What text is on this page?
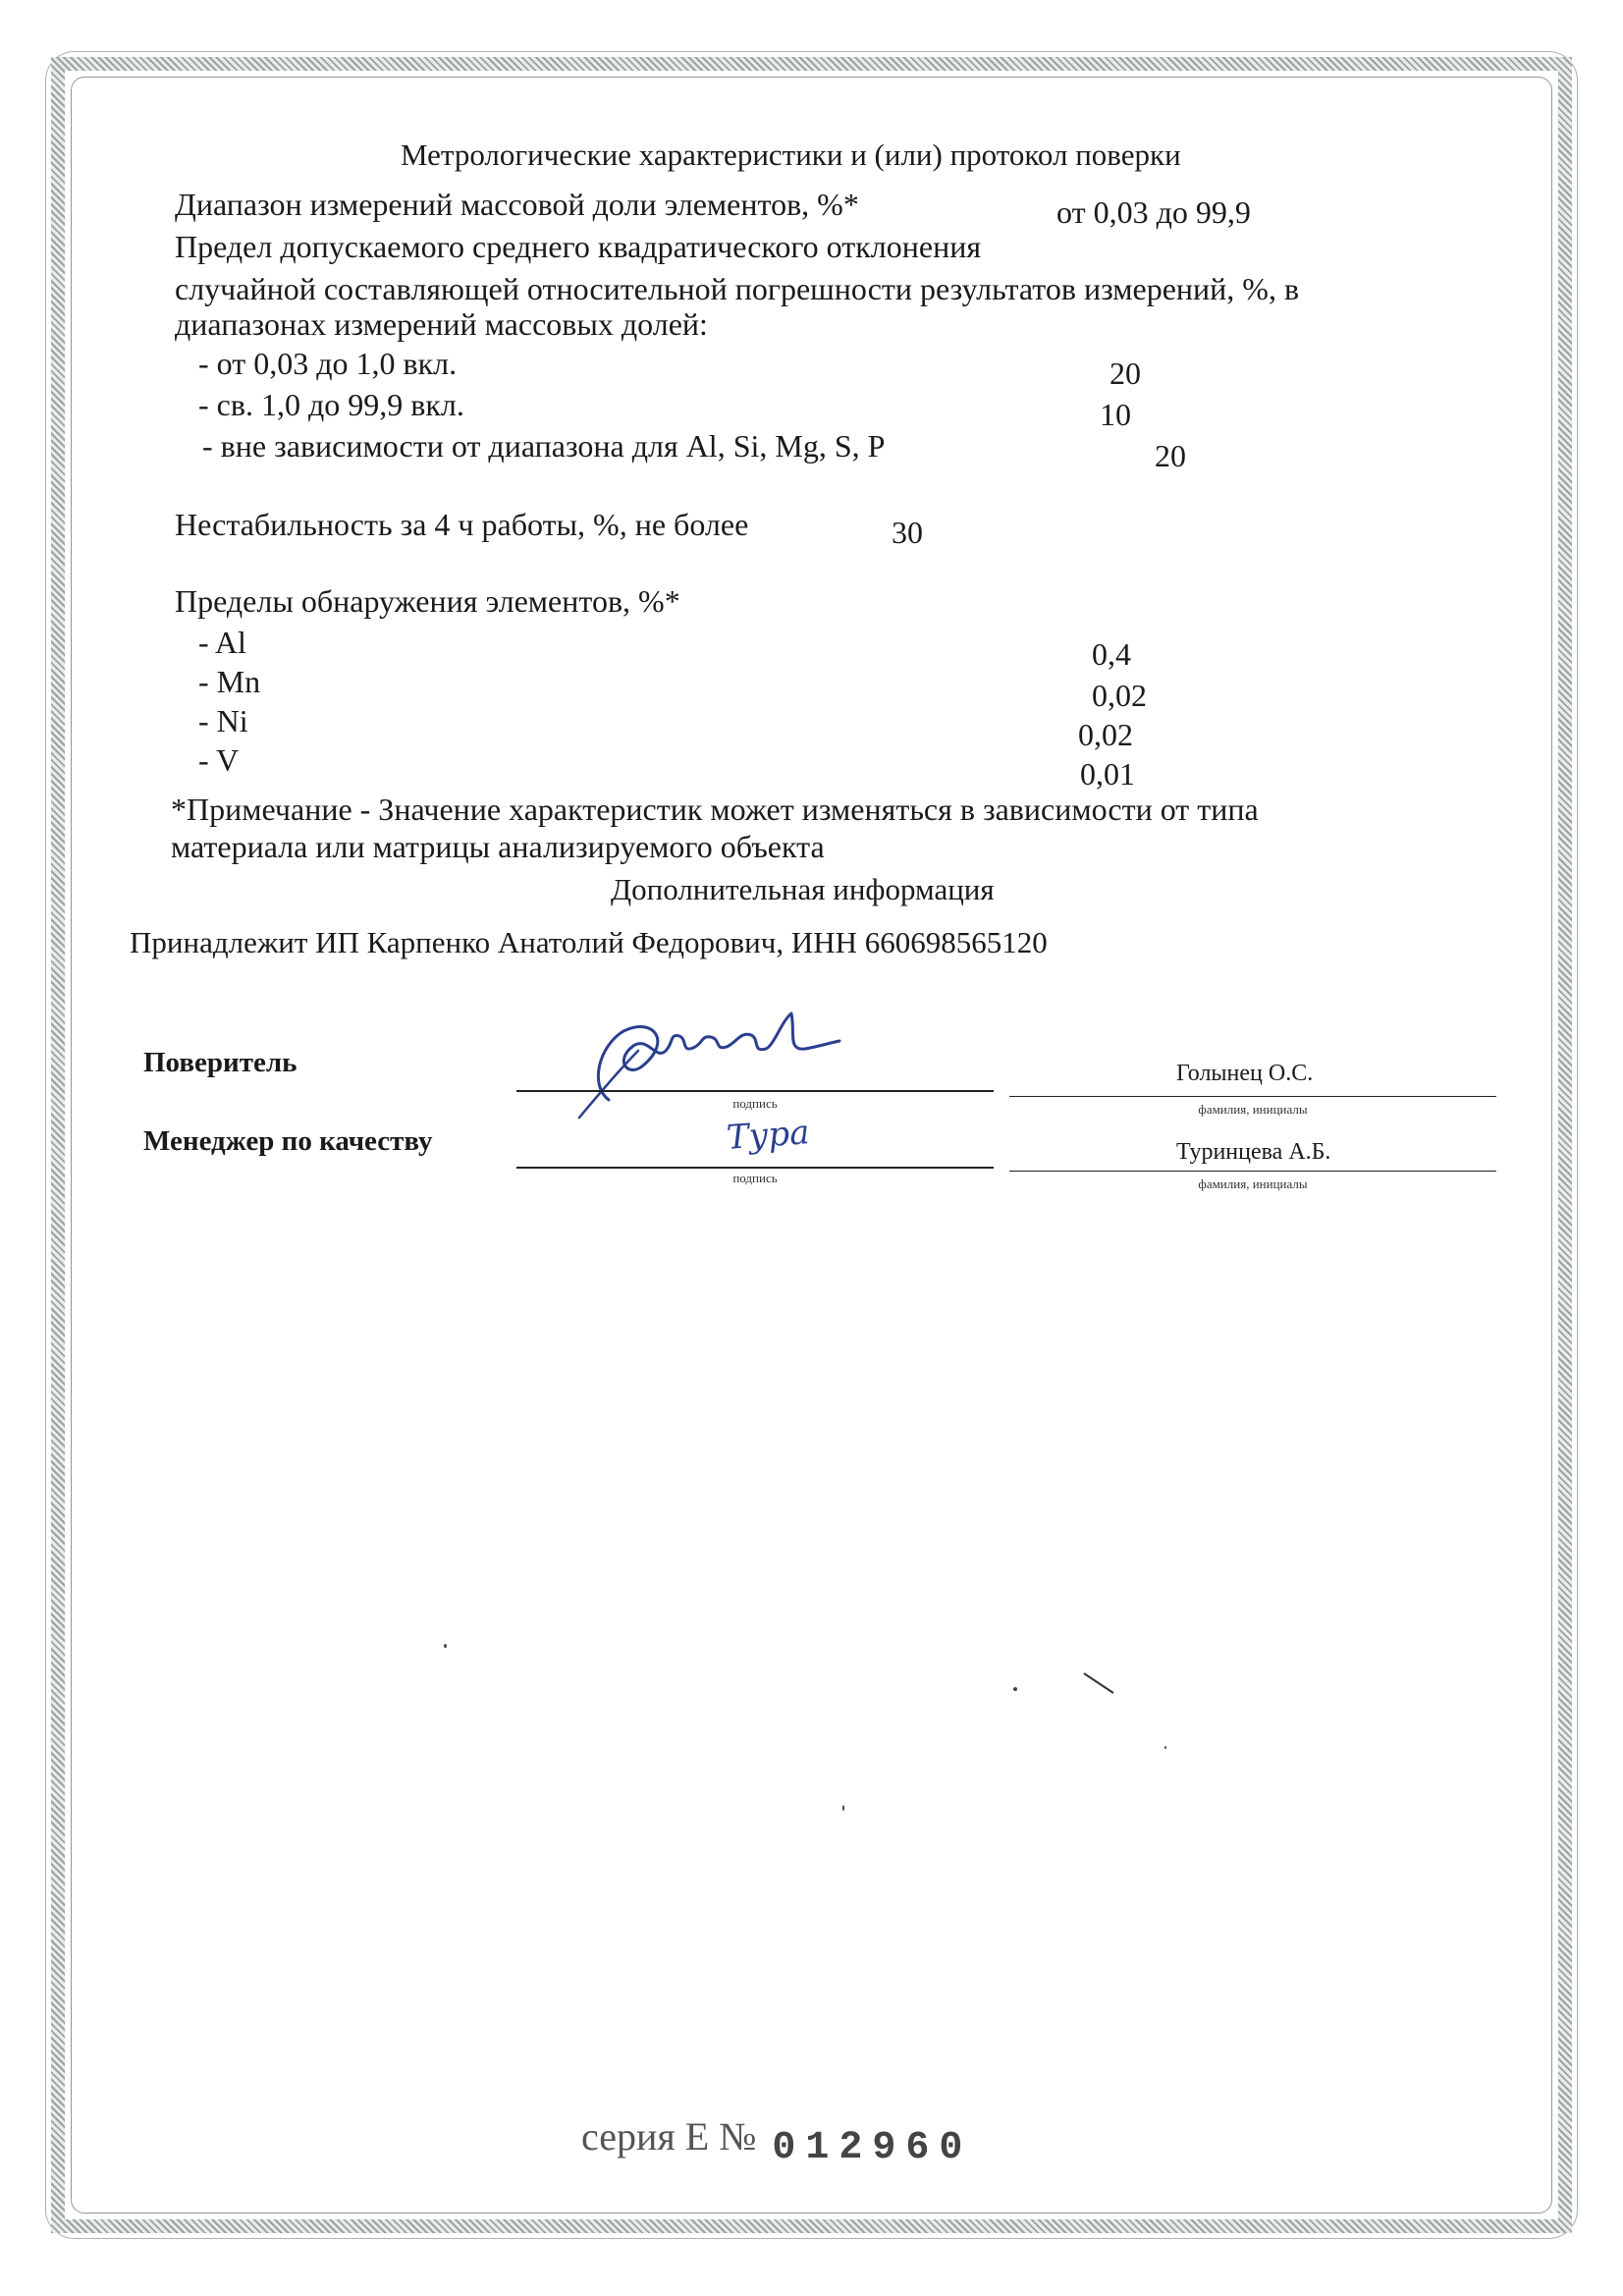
Метрологические характеристики и (или) протокол поверки
Диапазон измерений массовой доли элементов, %*	от 0,03 до 99,9
Предел допускаемого среднего квадратического отклонения
случайной составляющей относительной погрешности результатов измерений, %, в
диапазонах измерений массовых долей:
- от 0,03 до 1,0 вкл.	20
- св. 1,0 до 99,9 вкл.	10
- вне зависимости от диапазона для Al, Si, Mg, S, P	20
Нестабильность за 4 ч работы, %, не более	30
Пределы обнаружения элементов, %*
- Al	0,4
- Mn	0,02
- Ni	0,02
- V	0,01
*Примечание - Значение характеристик может изменяться в зависимости от типа
материала или матрицы анализируемого объекта
Дополнительная информация
Принадлежит ИП Карпенко Анатолий Федорович, ИНН 660698565120
Поверитель
подпись
Голынец О.С.
фамилия, инициалы
Менеджер по качеству	Тура
подпись
Туринцева А.Б.
фамилия, инициалы
серия Е № 012960
